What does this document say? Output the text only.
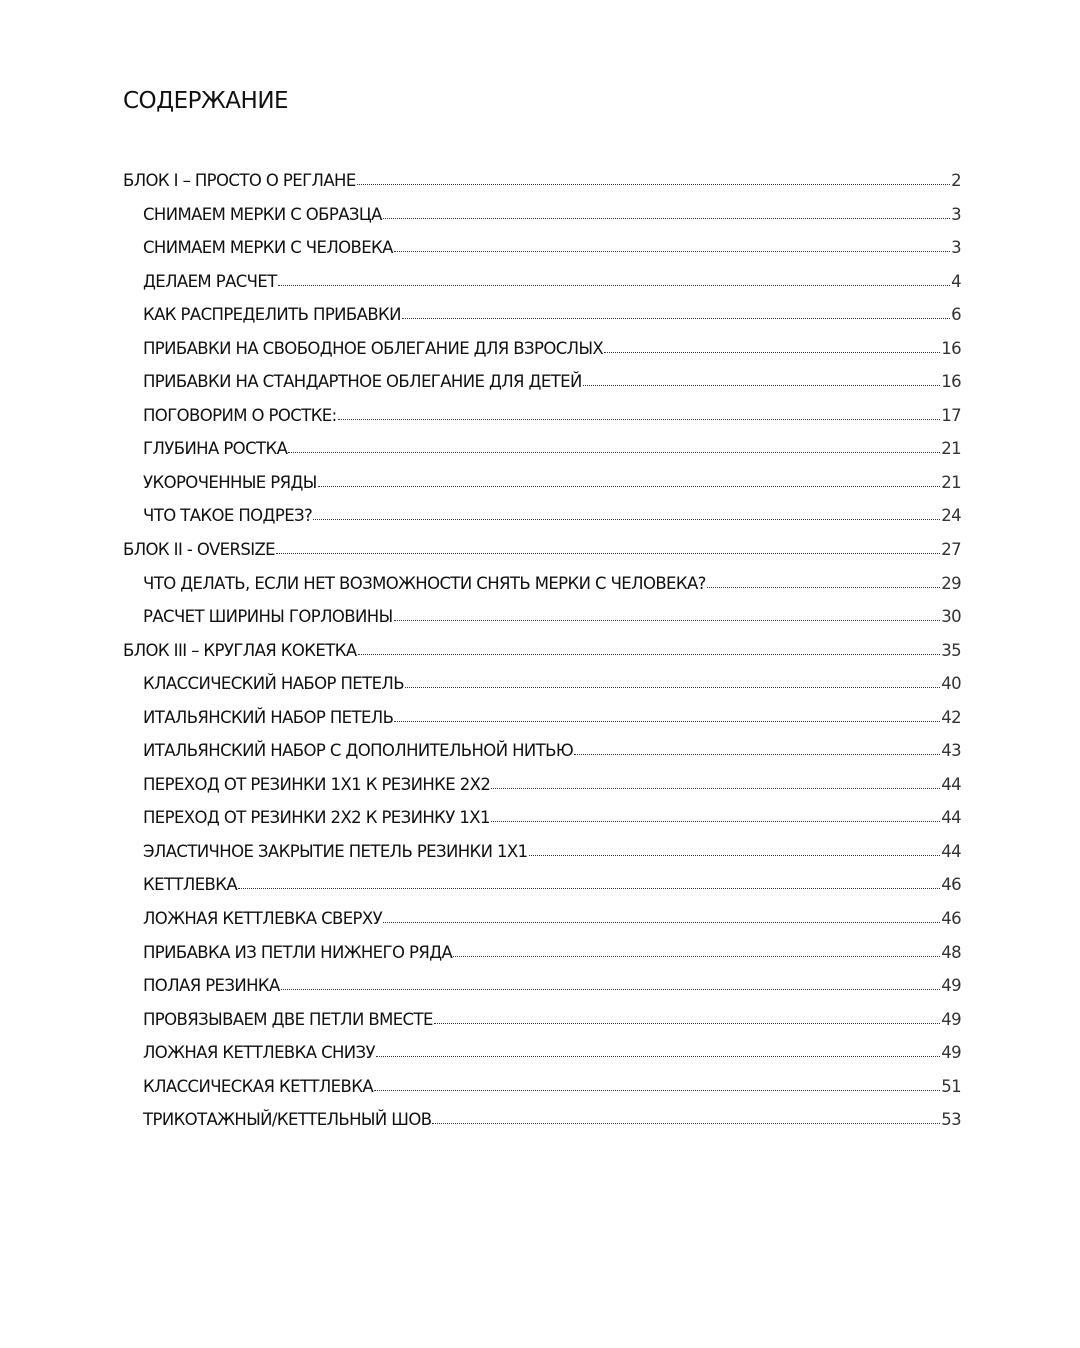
СОДЕРЖАНИЕ
БЛОК I – ПРОСТО О РЕГЛАНЕ	2
СНИМАЕМ МЕРКИ С ОБРАЗЦА	3
СНИМАЕМ МЕРКИ С ЧЕЛОВЕКА	3
ДЕЛАЕМ РАСЧЕТ	4
КАК РАСПРЕДЕЛИТЬ ПРИБАВКИ	6
ПРИБАВКИ НА СВОБОДНОЕ ОБЛЕГАНИЕ ДЛЯ ВЗРОСЛЫХ	16
ПРИБАВКИ НА СТАНДАРТНОЕ ОБЛЕГАНИЕ ДЛЯ ДЕТЕЙ	16
ПОГОВОРИМ О РОСТКЕ:	17
ГЛУБИНА РОСТКА	21
УКОРОЧЕННЫЕ РЯДЫ	21
ЧТО ТАКОЕ ПОДРЕЗ?	24
БЛОК II - OVERSIZE	27
ЧТО ДЕЛАТЬ, ЕСЛИ НЕТ ВОЗМОЖНОСТИ СНЯТЬ МЕРКИ С ЧЕЛОВЕКА?	29
РАСЧЕТ ШИРИНЫ ГОРЛОВИНЫ	30
БЛОК III – КРУГЛАЯ КОКЕТКА	35
КЛАССИЧЕСКИЙ НАБОР ПЕТЕЛЬ	40
ИТАЛЬЯНСКИЙ НАБОР ПЕТЕЛЬ	42
ИТАЛЬЯНСКИЙ НАБОР С ДОПОЛНИТЕЛЬНОЙ НИТЬЮ	43
ПЕРЕХОД ОТ РЕЗИНКИ 1Х1 К РЕЗИНКЕ 2Х2	44
ПЕРЕХОД ОТ РЕЗИНКИ 2Х2 К РЕЗИНКУ 1Х1	44
ЭЛАСТИЧНОЕ ЗАКРЫТИЕ ПЕТЕЛЬ РЕЗИНКИ 1Х1	44
КЕТТЛЕВКА	46
ЛОЖНАЯ КЕТТЛЕВКА СВЕРХУ	46
ПРИБАВКА ИЗ ПЕТЛИ НИЖНЕГО РЯДА	48
ПОЛАЯ РЕЗИНКА	49
ПРОВЯЗЫВАЕМ ДВЕ ПЕТЛИ ВМЕСТЕ	49
ЛОЖНАЯ КЕТТЛЕВКА СНИЗУ	49
КЛАССИЧЕСКАЯ КЕТТЛЕВКА	51
ТРИКОТАЖНЫЙ/КЕТТЕЛЬНЫЙ ШОВ	53
